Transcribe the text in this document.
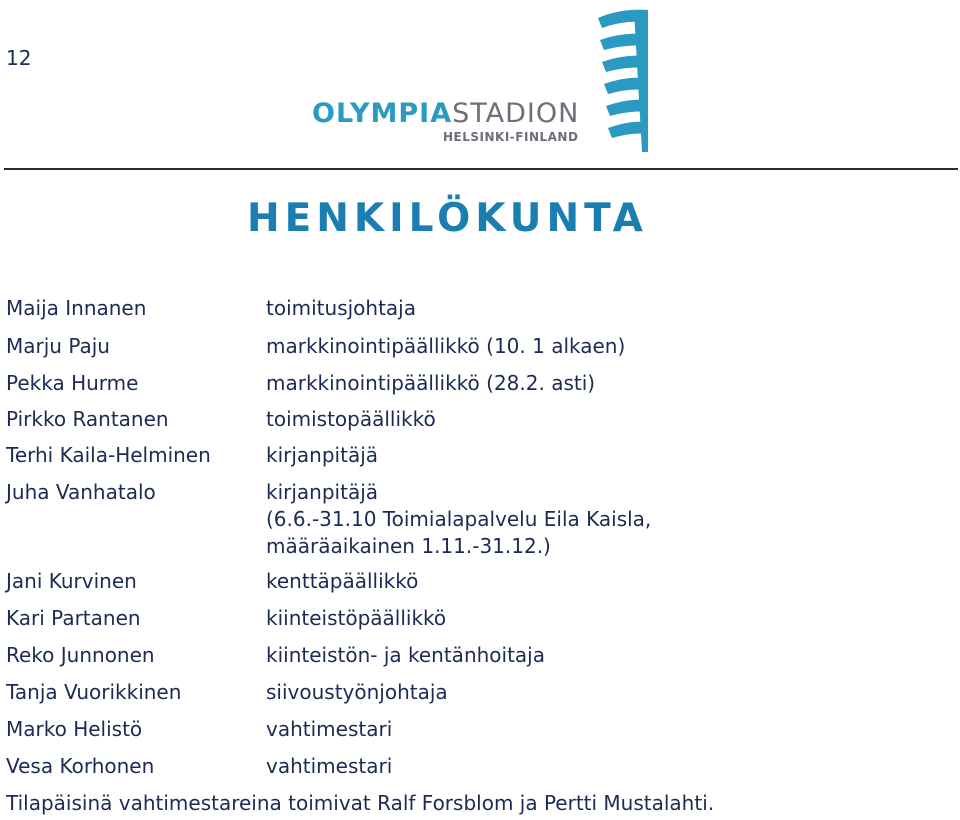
12
OLYMPIASTADION
HELSINKI-FINLAND
HENKILÖKUNTA
Maija Innanen	toimitusjohtaja
Marju Paju	markkinointipäällikkö (10. 1 alkaen)
Pekka Hurme	markkinointipäällikkö (28.2. asti)
Pirkko Rantanen	toimistopäällikkö
Terhi Kaila-Helminen	kirjanpitäjä
Juha Vanhatalo	kirjanpitäjä
(6.6.-31.10 Toimialapalvelu Eila Kaisla,
määräaikainen 1.11.-31.12.)
Jani Kurvinen	kenttäpäällikkö
Kari Partanen	kiinteistöpäällikkö
Reko Junnonen	kiinteistön- ja kentänhoitaja
Tanja Vuorikkinen	siivoustyönjohtaja
Marko Helistö	vahtimestari
Vesa Korhonen	vahtimestari
Tilapäisinä vahtimestareina toimivat Ralf Forsblom ja Pertti Mustalahti.
